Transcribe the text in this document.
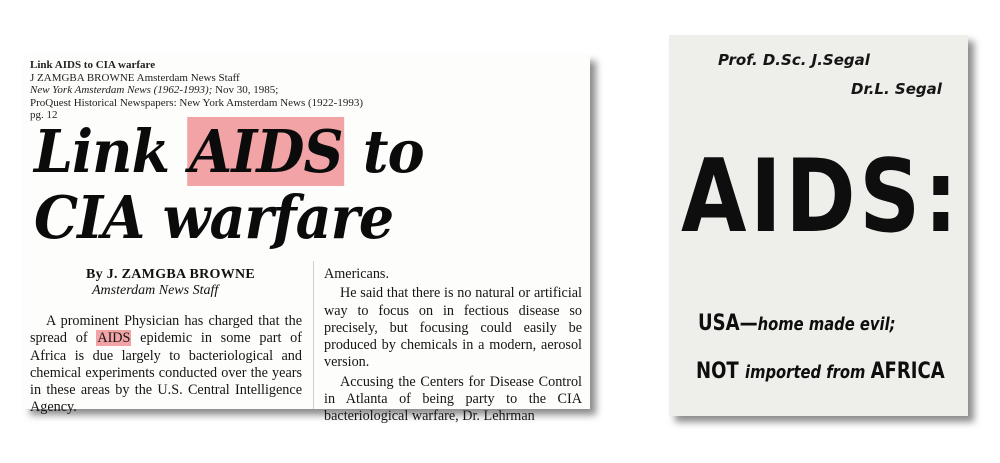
Link AIDS to CIA warfare
J ZAMGBA BROWNE Amsterdam News Staff
New York Amsterdam News (1962-1993); Nov 30, 1985;
ProQuest Historical Newspapers: New York Amsterdam News (1922-1993)
pg. 12
Link AIDS to
CIA warfare
By J. ZAMGBA BROWNE
Amsterdam News Staff

A prominent Physician has charged that the spread of AIDS epidemic in some part of Africa is due largely to bacteriological and chemical experiments conducted over the years in these areas by the U.S. Central Intelligence Agency.

Americans.

He said that there is no natural or artificial way to focus on in fectious disease so precisely, but focusing could easily be produced by chemicals in a modern, aerosol version.

Accusing the Centers for Disease Control in Atlanta of being party to the CIA bacteriological warfare, Dr. Lehrman

Prof. D.Sc. J.Segal
Dr.L. Segal
AIDS:
USA—home made evil;
NOT imported from AFRICA
